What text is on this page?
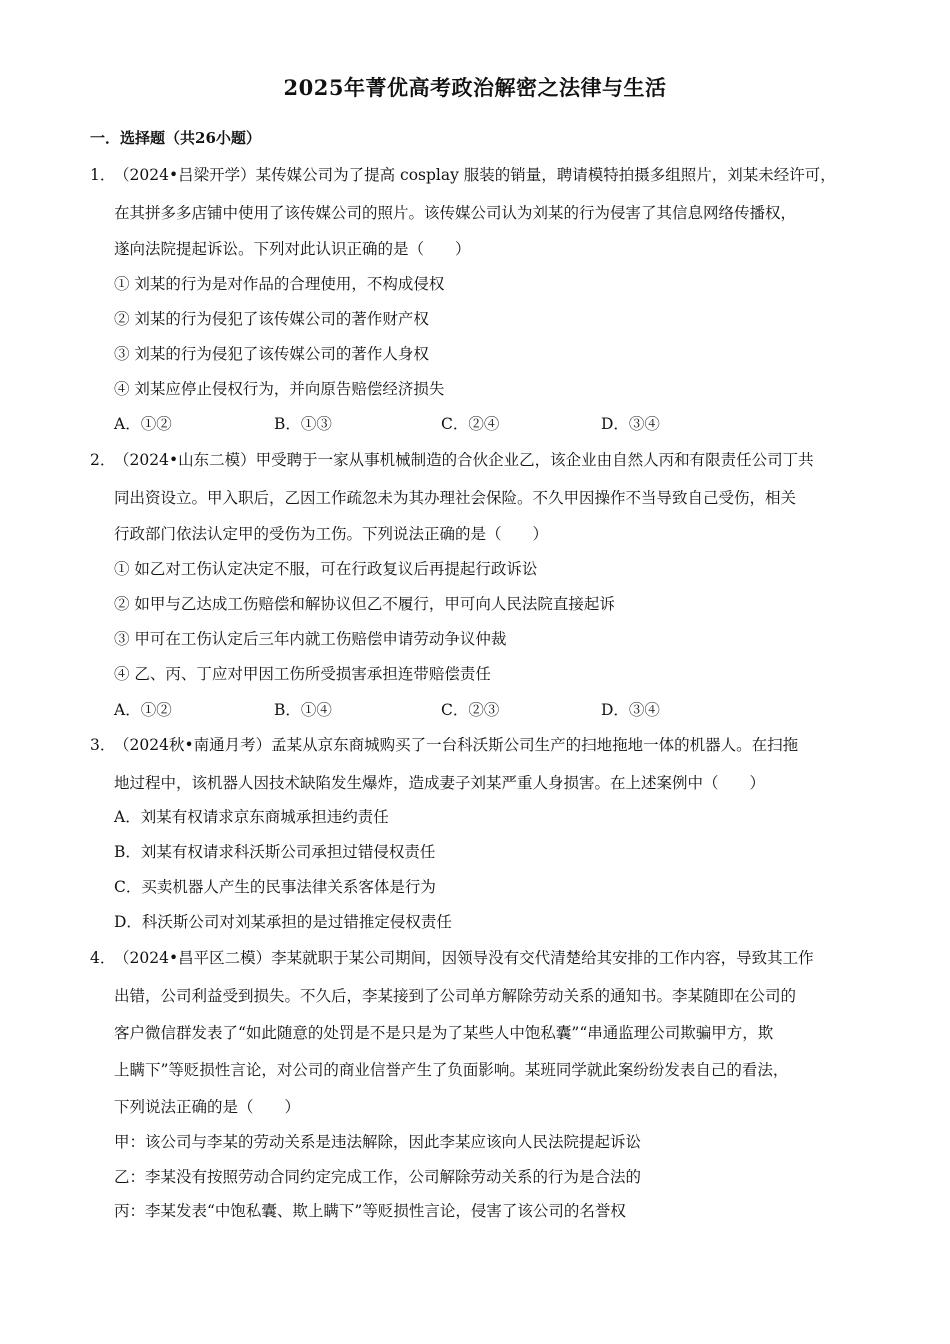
2025年菁优高考政治解密之法律与生活
一．选择题（共26小题）
1．
（2024•吕梁开学）某传媒公司为了提高 cosplay 服装的销量，聘请模特拍摄多组照片，刘某未经许可，
在其拼多多店铺中使用了该传媒公司的照片。该传媒公司认为刘某的行为侵害了其信息网络传播权，
遂向法院提起诉讼。下列对此认识正确的是（　　）
① 刘某的行为是对作品的合理使用，不构成侵权
② 刘某的行为侵犯了该传媒公司的著作财产权
③ 刘某的行为侵犯了该传媒公司的著作人身权
④ 刘某应停止侵权行为，并向原告赔偿经济损失
A．①②	B．①③	C．②④	D．③④
2．
（2024•山东二模）甲受聘于一家从事机械制造的合伙企业乙，该企业由自然人丙和有限责任公司丁共
同出资设立。甲入职后，乙因工作疏忽未为其办理社会保险。不久甲因操作不当导致自己受伤，相关
行政部门依法认定甲的受伤为工伤。下列说法正确的是（　　）
① 如乙对工伤认定决定不服，可在行政复议后再提起行政诉讼
② 如甲与乙达成工伤赔偿和解协议但乙不履行，甲可向人民法院直接起诉
③ 甲可在工伤认定后三年内就工伤赔偿申请劳动争议仲裁
④ 乙、丙、丁应对甲因工伤所受损害承担连带赔偿责任
A．①②	B．①④	C．②③	D．③④
3．
（2024秋•南通月考）孟某从京东商城购买了一台科沃斯公司生产的扫地拖地一体的机器人。在扫拖
地过程中，该机器人因技术缺陷发生爆炸，造成妻子刘某严重人身损害。在上述案例中（　　）
A．刘某有权请求京东商城承担违约责任
B．刘某有权请求科沃斯公司承担过错侵权责任
C．买卖机器人产生的民事法律关系客体是行为
D．科沃斯公司对刘某承担的是过错推定侵权责任
4．
（2024•昌平区二模）李某就职于某公司期间，因领导没有交代清楚给其安排的工作内容，导致其工作
出错，公司利益受到损失。不久后，李某接到了公司单方解除劳动关系的通知书。李某随即在公司的
客户微信群发表了“如此随意的处罚是不是只是为了某些人中饱私囊”“串通监理公司欺骗甲方，欺
上瞒下”等贬损性言论，对公司的商业信誉产生了负面影响。某班同学就此案纷纷发表自己的看法，
下列说法正确的是（　　）
甲：该公司与李某的劳动关系是违法解除，因此李某应该向人民法院提起诉讼
乙：李某没有按照劳动合同约定完成工作，公司解除劳动关系的行为是合法的
丙：李某发表“中饱私囊、欺上瞒下”等贬损性言论，侵害了该公司的名誉权
